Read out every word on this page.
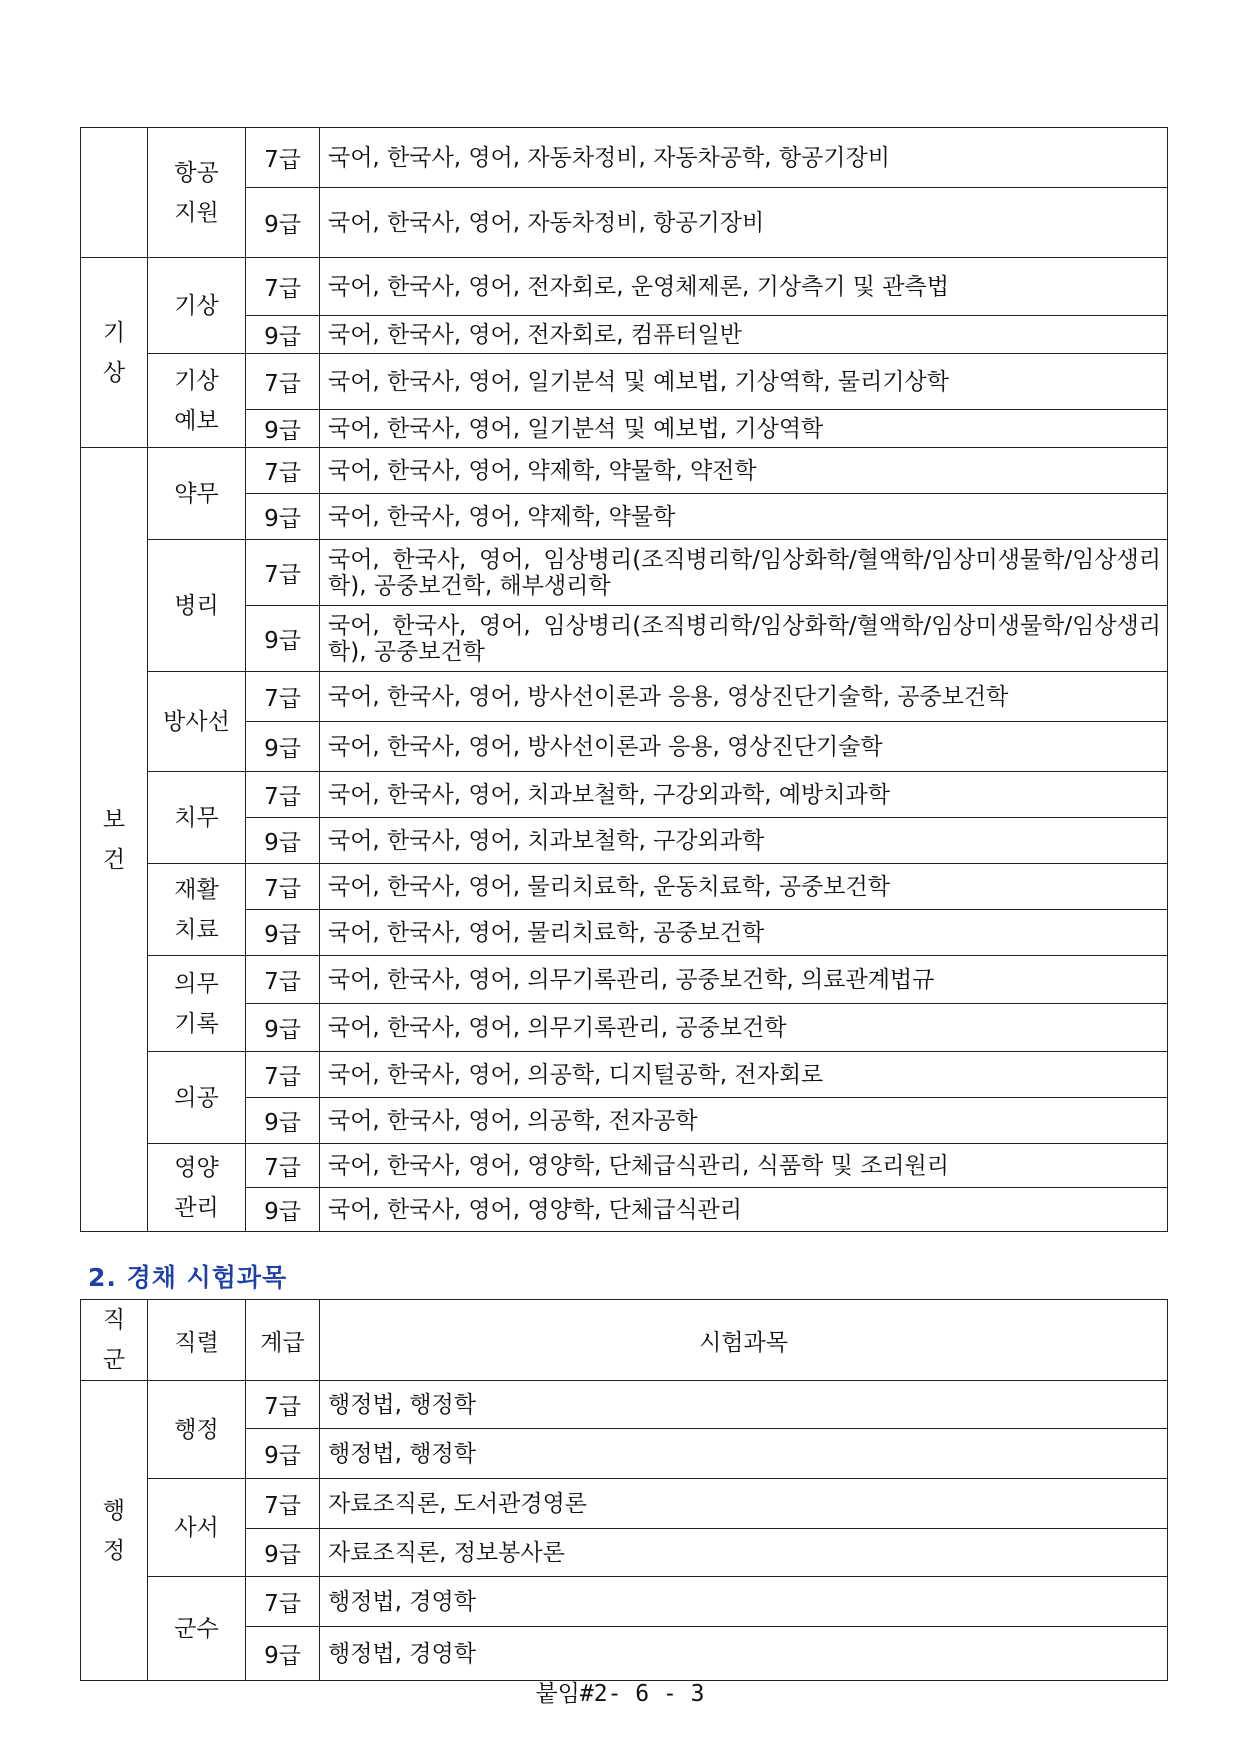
	항공
지원	7급	국어, 한국사, 영어, 자동차정비, 자동차공학, 항공기장비
		9급	국어, 한국사, 영어, 자동차정비, 항공기장비

기
상	기상	7급	국어, 한국사, 영어, 전자회로, 운영체제론, 기상측기 및 관측법
		9급	국어, 한국사, 영어, 전자회로, 컴퓨터일반

	기상
예보	7급	국어, 한국사, 영어, 일기분석 및 예보법, 기상역학, 물리기상학
		9급	국어, 한국사, 영어, 일기분석 및 예보법, 기상역학

보
건	약무	7급	국어, 한국사, 영어, 약제학, 약물학, 약전학
		9급	국어, 한국사, 영어, 약제학, 약물학

	병리	7급	국어, 한국사, 영어, 임상병리(조직병리학/임상화학/혈액학/임상미생물학/임상생리학), 공중보건학, 해부생리학
		9급	국어, 한국사, 영어, 임상병리(조직병리학/임상화학/혈액학/임상미생물학/임상생리학), 공중보건학

	방사선	7급	국어, 한국사, 영어, 방사선이론과 응용, 영상진단기술학, 공중보건학
		9급	국어, 한국사, 영어, 방사선이론과 응용, 영상진단기술학

	치무	7급	국어, 한국사, 영어, 치과보철학, 구강외과학, 예방치과학
		9급	국어, 한국사, 영어, 치과보철학, 구강외과학

	재활
치료	7급	국어, 한국사, 영어, 물리치료학, 운동치료학, 공중보건학
		9급	국어, 한국사, 영어, 물리치료학, 공중보건학

	의무
기록	7급	국어, 한국사, 영어, 의무기록관리, 공중보건학, 의료관계법규
		9급	국어, 한국사, 영어, 의무기록관리, 공중보건학

	의공	7급	국어, 한국사, 영어, 의공학, 디지털공학, 전자회로
		9급	국어, 한국사, 영어, 의공학, 전자공학

	영양
관리	7급	국어, 한국사, 영어, 영양학, 단체급식관리, 식품학 및 조리원리
		9급	국어, 한국사, 영어, 영양학, 단체급식관리
2. 경채 시험과목
직
군	직렬	계급	시험과목

행
정	행정	7급	행정법, 행정학
		9급	행정법, 행정학

	사서	7급	자료조직론, 도서관경영론
		9급	자료조직론, 정보봉사론

	군수	7급	행정법, 경영학
		9급	행정법, 경영학
붙임#2- 6 - 3
